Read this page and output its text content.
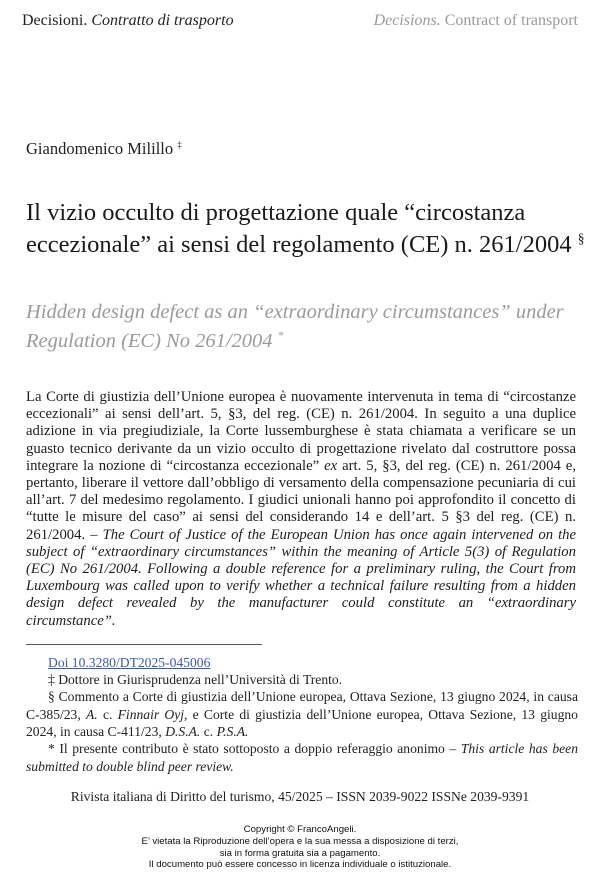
Decisioni. Contratto di trasporto	Decisions. Contract of transport
Giandomenico Milillo ‡
Il vizio occulto di progettazione quale “circostanza eccezionale” ai sensi del regolamento (CE) n. 261/2004 §
Hidden design defect as an “extraordinary circumstances” under Regulation (EC) No 261/2004 *
La Corte di giustizia dell’Unione europea è nuovamente intervenuta in tema di “circostanze eccezionali” ai sensi dell’art. 5, §3, del reg. (CE) n. 261/2004. In seguito a una duplice adizione in via pregiudiziale, la Corte lussemburghese è stata chiamata a verificare se un guasto tecnico derivante da un vizio occulto di progettazione rivelato dal costruttore possa integrare la nozione di “circostanza eccezionale” ex art. 5, §3, del reg. (CE) n. 261/2004 e, pertanto, liberare il vettore dall’obbligo di versamento della compensazione pecuniaria di cui all’art. 7 del medesimo regolamento. I giudici unionali hanno poi approfondito il concetto di “tutte le misure del caso” ai sensi del considerando 14 e dell’art. 5 §3 del reg. (CE) n. 261/2004. – The Court of Justice of the European Union has once again intervened on the subject of “extraordinary circumstances” within the meaning of Article 5(3) of Regulation (EC) No 261/2004. Following a double reference for a preliminary ruling, the Court from Luxembourg was called upon to verify whether a technical failure resulting from a hidden design defect revealed by the manufacturer could constitute an “extraordinary circumstance”.
Doi 10.3280/DT2025-045006
‡ Dottore in Giurisprudenza nell’Università di Trento.
§ Commento a Corte di giustizia dell’Unione europea, Ottava Sezione, 13 giugno 2024, in causa C-385/23, A. c. Finnair Oyj, e Corte di giustizia dell’Unione europea, Ottava Sezione, 13 giugno 2024, in causa C-411/23, D.S.A. c. P.S.A.
* Il presente contributo è stato sottoposto a doppio referaggio anonimo – This article has been submitted to double blind peer review.
Rivista italiana di Diritto del turismo, 45/2025 – ISSN 2039-9022 ISSNe 2039-9391
Copyright © FrancoAngeli.
E’ vietata la Riproduzione dell’opera e la sua messa a disposizione di terzi,
sia in forma gratuita sia a pagamento.
Il documento può essere concesso in licenza individuale o istituzionale.
